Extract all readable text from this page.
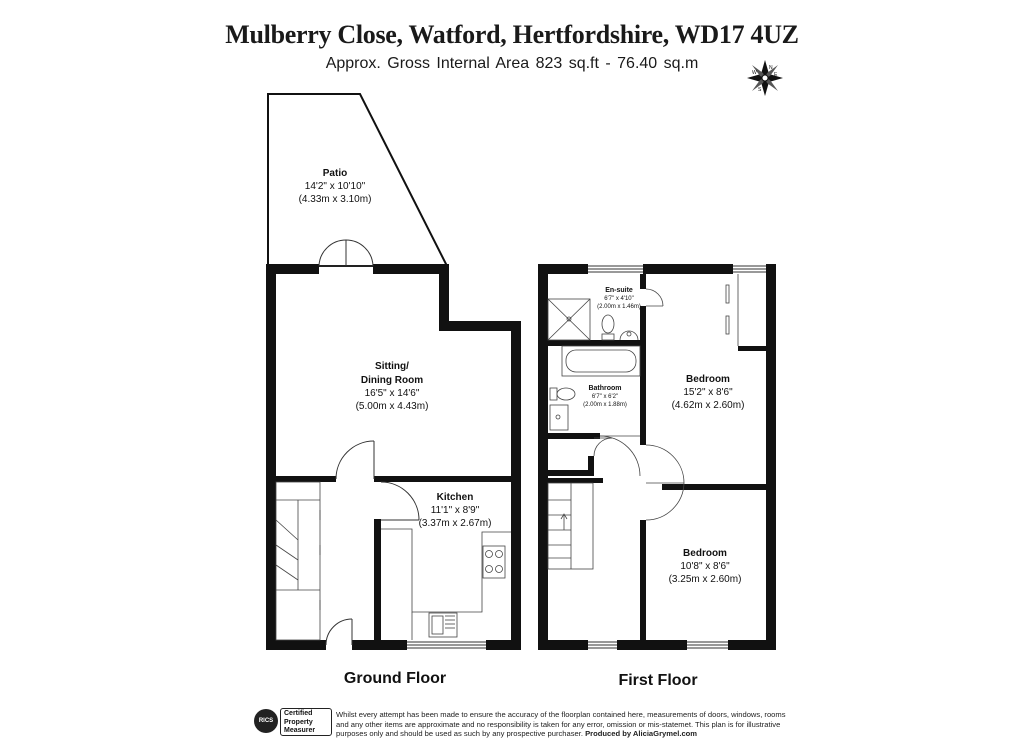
Mulberry Close, Watford, Hertfordshire, WD17 4UZ
Approx. Gross Internal Area 823 sq.ft - 76.40 sq.m	N
S
E
W
Patio
14'2" x 10'10"
(4.33m x 3.10m)
Sitting/
Dining Room
16'5" x 14'6"
(5.00m x 4.43m)
Kitchen
11'1" x 8'9"
(3.37m x 2.67m)
Ground Floor
En-suite
6'7" x 4'10"
(2.00m x 1.46m)
Bathroom
6'7" x 6'2"
(2.00m x 1.88m)
Bedroom
15'2" x 8'6"
(4.62m x 2.60m)
Bedroom
10'8" x 8'6"
(3.25m x 2.60m)
First Floor
RICS
Certified
Property
Measurer
Whilst every attempt has been made to ensure the accuracy of the floorplan contained here, measurements of doors, windows, rooms and any other items are approximate and no responsibility is taken for any error, omission or mis-statemet. This plan is for illustrative purposes only and should be used as such by any prospective purchaser. Produced by AliciaGrymel.com
